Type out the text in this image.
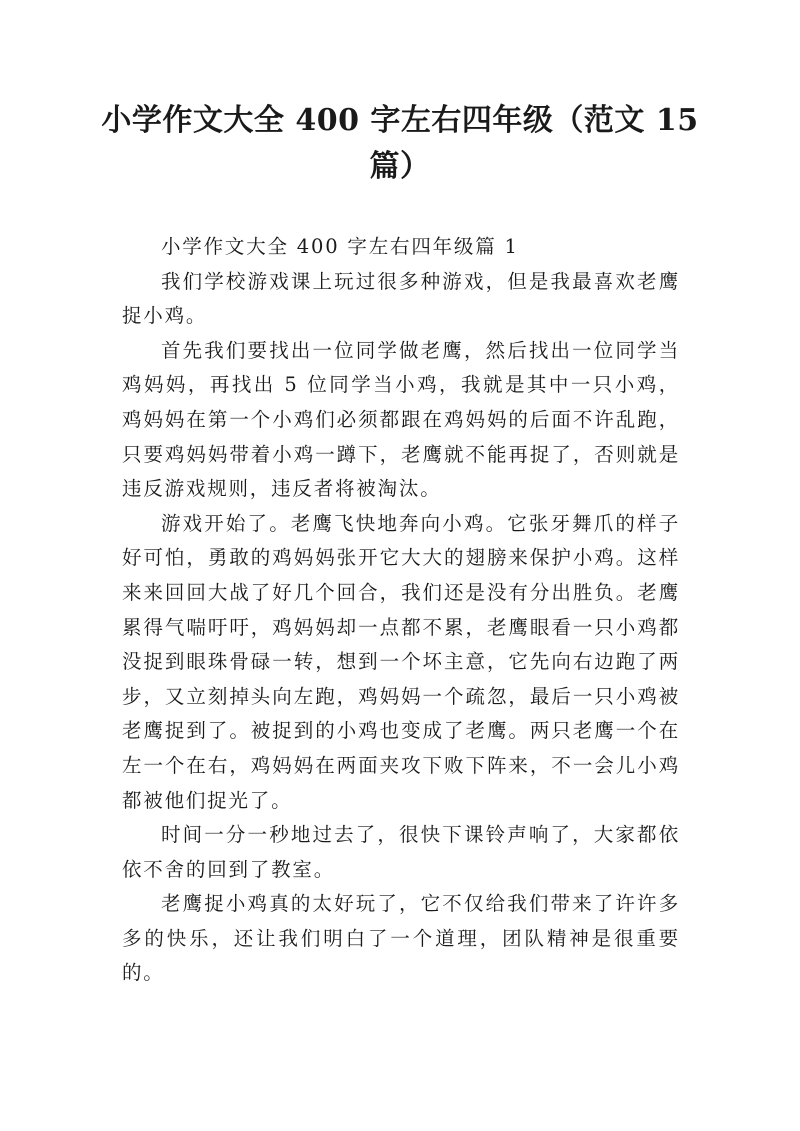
小学作文大全 400 字左右四年级（范文 15 篇）

小学作文大全 400 字左右四年级篇 1

我们学校游戏课上玩过很多种游戏，但是我最喜欢老鹰捉小鸡。

首先我们要找出一位同学做老鹰，然后找出一位同学当鸡妈妈，再找出 5 位同学当小鸡，我就是其中一只小鸡，鸡妈妈在第一个小鸡们必须都跟在鸡妈妈的后面不许乱跑，只要鸡妈妈带着小鸡一蹲下，老鹰就不能再捉了，否则就是违反游戏规则，违反者将被淘汰。

游戏开始了。老鹰飞快地奔向小鸡。它张牙舞爪的样子好可怕，勇敢的鸡妈妈张开它大大的翅膀来保护小鸡。这样来来回回大战了好几个回合，我们还是没有分出胜负。老鹰累得气喘吁吁，鸡妈妈却一点都不累，老鹰眼看一只小鸡都没捉到眼珠骨碌一转，想到一个坏主意，它先向右边跑了两步，又立刻掉头向左跑，鸡妈妈一个疏忽，最后一只小鸡被老鹰捉到了。被捉到的小鸡也变成了老鹰。两只老鹰一个在左一个在右，鸡妈妈在两面夹攻下败下阵来，不一会儿小鸡都被他们捉光了。

时间一分一秒地过去了，很快下课铃声响了，大家都依依不舍的回到了教室。

老鹰捉小鸡真的太好玩了，它不仅给我们带来了许许多多的快乐，还让我们明白了一个道理，团队精神是很重要的。
